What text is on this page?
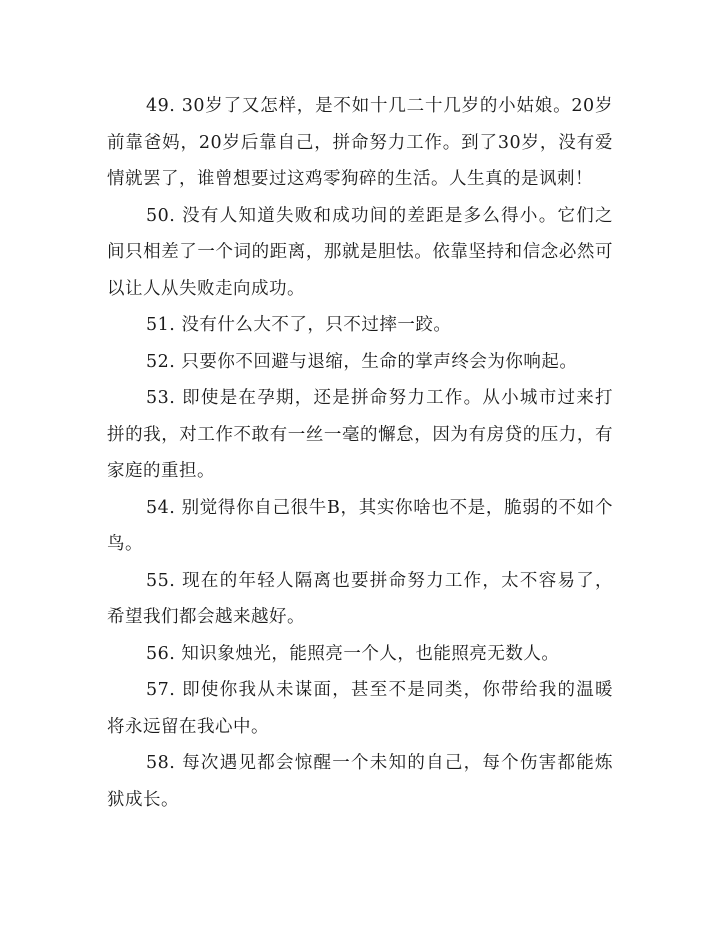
49. 30岁了又怎样，是不如十几二十几岁的小姑娘。20岁前靠爸妈，20岁后靠自己，拼命努力工作。到了30岁，没有爱情就罢了，谁曾想要过这鸡零狗碎的生活。人生真的是讽刺！

50. 没有人知道失败和成功间的差距是多么得小。它们之间只相差了一个词的距离，那就是胆怯。依靠坚持和信念必然可以让人从失败走向成功。

51. 没有什么大不了，只不过摔一跤。

52. 只要你不回避与退缩，生命的掌声终会为你响起。

53. 即使是在孕期，还是拼命努力工作。从小城市过来打拼的我，对工作不敢有一丝一毫的懈怠，因为有房贷的压力，有家庭的重担。

54. 别觉得你自己很牛B，其实你啥也不是，脆弱的不如个鸟。

55. 现在的年轻人隔离也要拼命努力工作，太不容易了，希望我们都会越来越好。

56. 知识象烛光，能照亮一个人，也能照亮无数人。

57. 即使你我从未谋面，甚至不是同类，你带给我的温暖将永远留在我心中。

58. 每次遇见都会惊醒一个未知的自己，每个伤害都能炼狱成长。
